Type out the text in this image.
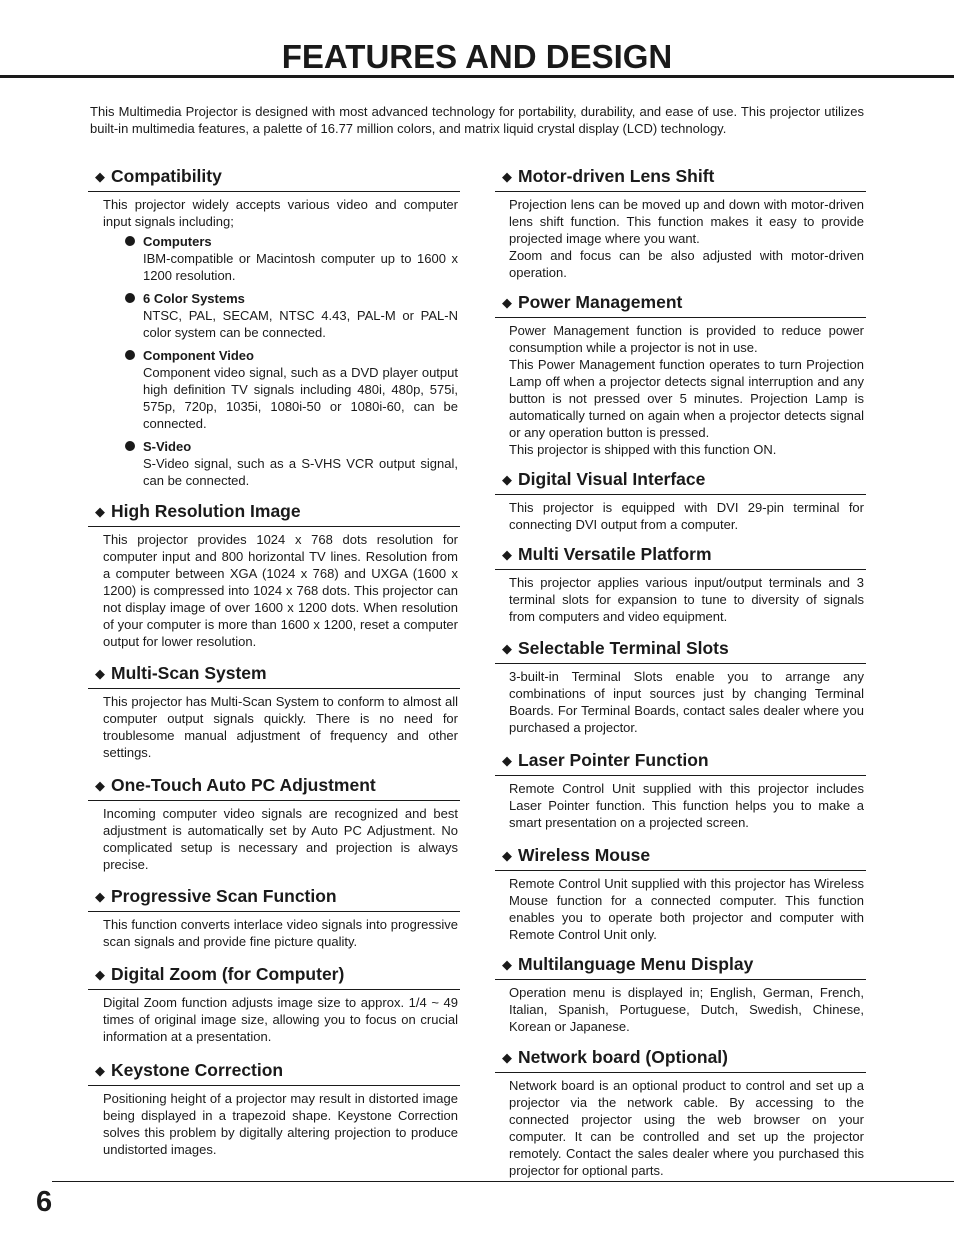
FEATURES AND DESIGN

This Multimedia Projector is designed with most advanced technology for portability, durability, and ease of use. This projector utilizes built-in multimedia features, a palette of 16.77 million colors, and matrix liquid crystal display (LCD) technology.

◆ Compatibility

This projector widely accepts various video and computer input signals including;

Computers

IBM-compatible or Macintosh computer up to 1600 x 1200 resolution.

6 Color Systems

NTSC, PAL, SECAM, NTSC 4.43, PAL-M or PAL-N color system can be connected.

Component Video

Component video signal, such as a DVD player output high definition TV signals including 480i, 480p, 575i, 575p, 720p, 1035i, 1080i-50 or 1080i-60, can be connected.

S-Video

S-Video signal, such as a S-VHS VCR output signal, can be connected.

◆ High Resolution Image

This projector provides 1024 x 768 dots resolution for computer input and 800 horizontal TV lines. Resolution from a computer between XGA (1024 x 768) and UXGA (1600 x 1200) is compressed into 1024 x 768 dots. This projector can not display image of over 1600 x 1200 dots. When resolution of your computer is more than 1600 x 1200, reset a computer output for lower resolution.

◆ Multi-Scan System

This projector has Multi-Scan System to conform to almost all computer output signals quickly. There is no need for troublesome manual adjustment of frequency and other settings.

◆ One-Touch Auto PC Adjustment

Incoming computer video signals are recognized and best adjustment is automatically set by Auto PC Adjustment. No complicated setup is necessary and projection is always precise.

◆ Progressive Scan Function

This function converts interlace video signals into progressive scan signals and provide fine picture quality.

◆ Digital Zoom (for Computer)

Digital Zoom function adjusts image size to approx. 1/4 ~ 49 times of original image size, allowing you to focus on crucial information at a presentation.

◆ Keystone Correction

Positioning height of a projector may result in distorted image being displayed in a trapezoid shape. Keystone Correction solves this problem by digitally altering projection to produce undistorted images.

◆ Motor-driven Lens Shift

Projection lens can be moved up and down with motor-driven lens shift function. This function makes it easy to provide projected image where you want.

Zoom and focus can be also adjusted with motor-driven operation.

◆ Power Management

Power Management function is provided to reduce power consumption while a projector is not in use.

This Power Management function operates to turn Projection Lamp off when a projector detects signal interruption and any button is not pressed over 5 minutes. Projection Lamp is automatically turned on again when a projector detects signal or any operation button is pressed.

This projector is shipped with this function ON.

◆ Digital Visual Interface

This projector is equipped with DVI 29-pin terminal for connecting DVI output from a computer.

◆ Multi Versatile Platform

This projector applies various input/output terminals and 3 terminal slots for expansion to tune to diversity of signals from computers and video equipment.

◆ Selectable Terminal Slots

3-built-in Terminal Slots enable you to arrange any combinations of input sources just by changing Terminal Boards. For Terminal Boards, contact sales dealer where you purchased a projector.

◆ Laser Pointer Function

Remote Control Unit supplied with this projector includes Laser Pointer function. This function helps you to make a smart presentation on a projected screen.

◆ Wireless Mouse

Remote Control Unit supplied with this projector has Wireless Mouse function for a connected computer. This function enables you to operate both projector and computer with Remote Control Unit only.

◆ Multilanguage Menu Display

Operation menu is displayed in; English, German, French, Italian, Spanish, Portuguese, Dutch, Swedish, Chinese, Korean or Japanese.

◆ Network board (Optional)

Network board is an optional product to control and set up a projector via the network cable. By accessing to the connected projector using the web browser on your computer. It can be controlled and set up the projector remotely. Contact the sales dealer where you purchased this projector for optional parts.

6
